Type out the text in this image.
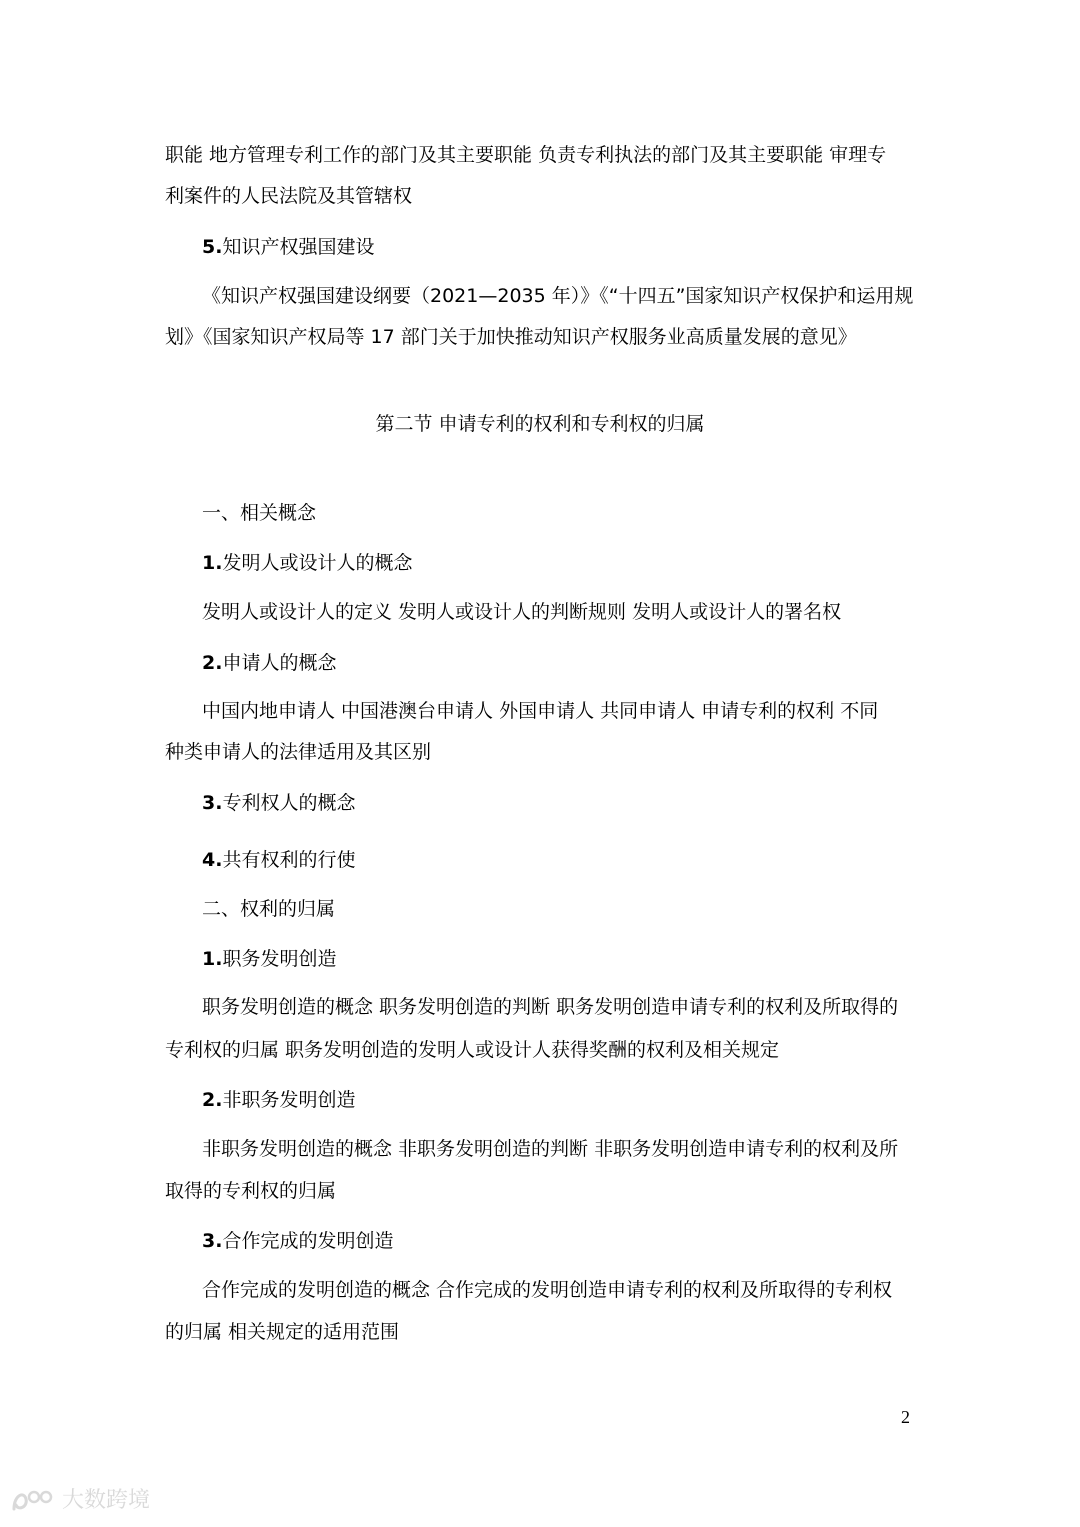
职能 地方管理专利工作的部门及其主要职能 负责专利执法的部门及其主要职能 审理专

利案件的人民法院及其管辖权

5.知识产权强国建设

《知识产权强国建设纲要（2021—2035 年）》《“十四五”国家知识产权保护和运用规

划》《国家知识产权局等 17 部门关于加快推动知识产权服务业高质量发展的意见》

第二节 申请专利的权利和专利权的归属

一、相关概念

1.发明人或设计人的概念

发明人或设计人的定义 发明人或设计人的判断规则 发明人或设计人的署名权

2.申请人的概念

中国内地申请人 中国港澳台申请人 外国申请人 共同申请人 申请专利的权利 不同

种类申请人的法律适用及其区别

3.专利权人的概念

4.共有权利的行使

二、权利的归属

1.职务发明创造

职务发明创造的概念 职务发明创造的判断 职务发明创造申请专利的权利及所取得的

专利权的归属 职务发明创造的发明人或设计人获得奖酬的权利及相关规定

2.非职务发明创造

非职务发明创造的概念 非职务发明创造的判断 非职务发明创造申请专利的权利及所

取得的专利权的归属

3.合作完成的发明创造

合作完成的发明创造的概念 合作完成的发明创造申请专利的权利及所取得的专利权

的归属 相关规定的适用范围

2
大数跨境
